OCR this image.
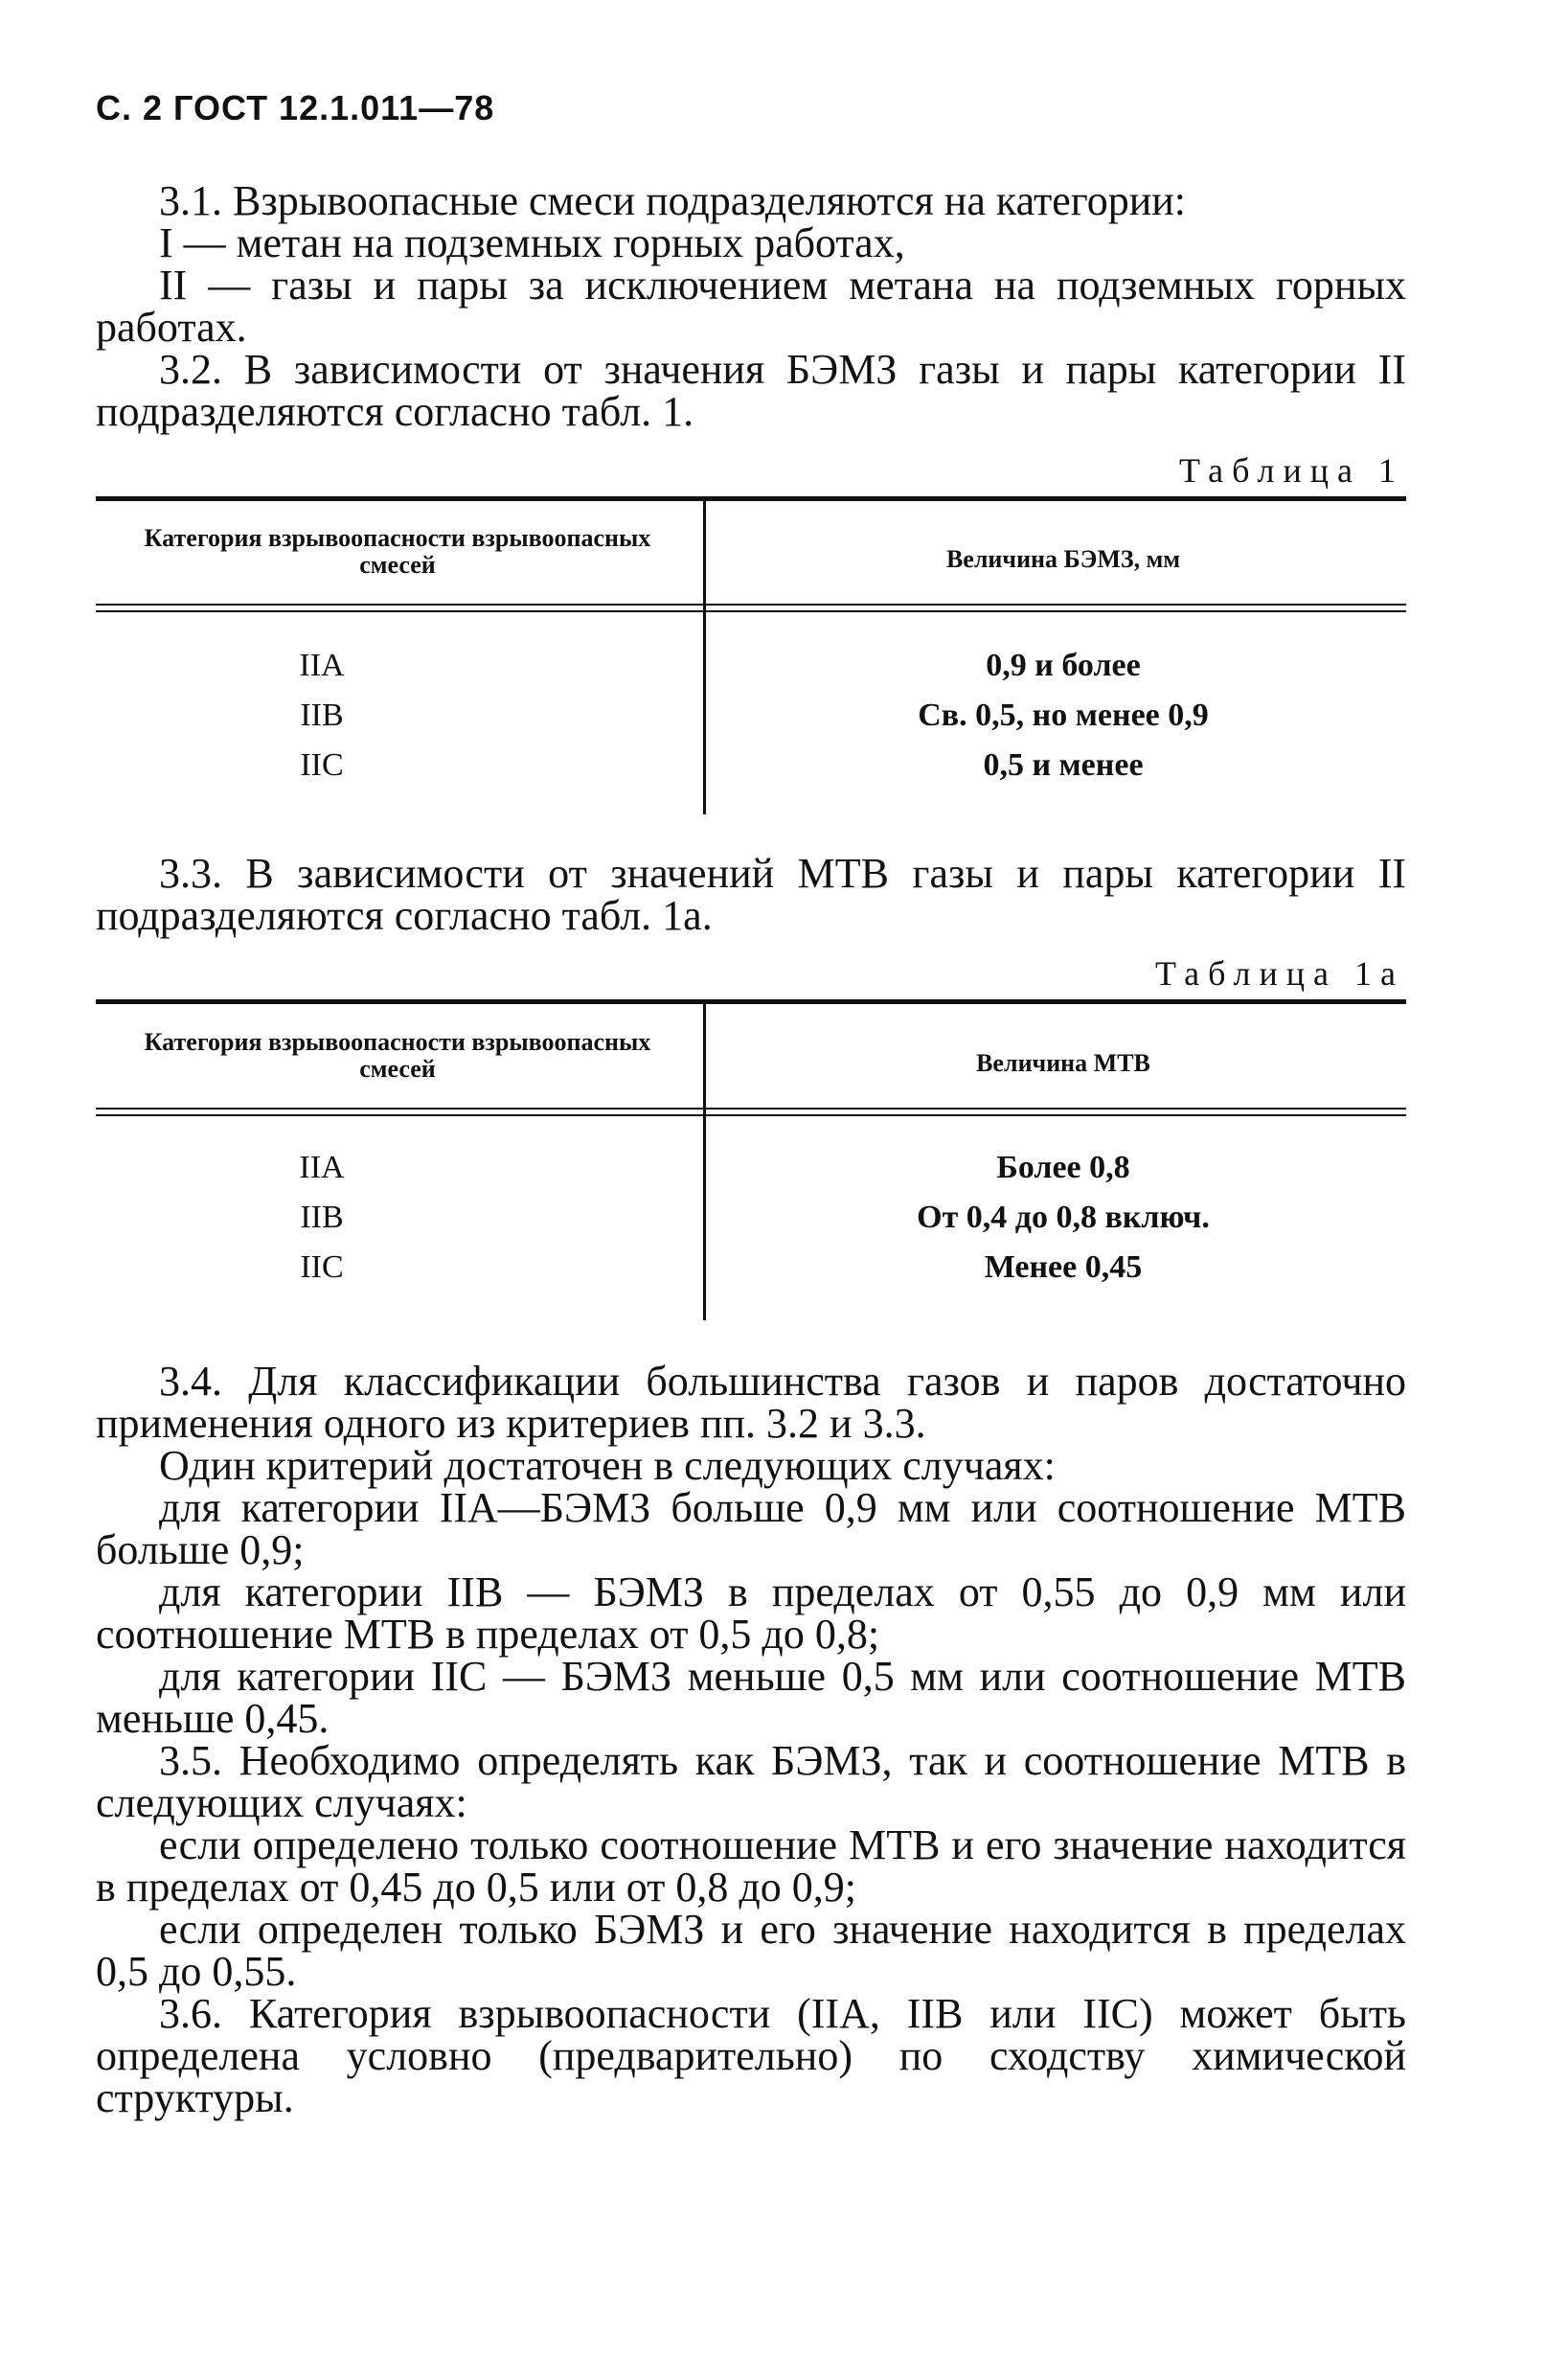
С. 2 ГОСТ 12.1.011—78

3.1. Взрывоопасные смеси подразделяются на категории:

I — метан на подземных горных работах,

II — газы и пары за исключением метана на подземных горных работах.

3.2. В зависимости от значения БЭМЗ газы и пары категории II подразделяются согласно табл. 1.

Таблица 1
Категория взрывоопасности взрывоопасных смесей	Величина БЭМЗ, мм
IIA	0,9 и более
IIB	Св. 0,5, но менее 0,9
IIC	0,5 и менее

3.3. В зависимости от значений МТВ газы и пары категории II подразделяются согласно табл. 1а.

Таблица 1а
Категория взрывоопасности взрывоопасных смесей	Величина МТВ
IIA	Более 0,8
IIB	От 0,4 до 0,8 включ.
IIC	Менее 0,45

3.4. Для классификации большинства газов и паров достаточно применения одного из критериев пп. 3.2 и 3.3.

Один критерий достаточен в следующих случаях:

для категории IIA—БЭМЗ больше 0,9 мм или соотношение МТВ больше 0,9;

для категории IIB — БЭМЗ в пределах от 0,55 до 0,9 мм или соотношение МТВ в пределах от 0,5 до 0,8;

для категории IIC — БЭМЗ меньше 0,5 мм или соотношение МТВ меньше 0,45.

3.5. Необходимо определять как БЭМЗ, так и соотношение МТВ в следующих случаях:

если определено только соотношение МТВ и его значение находится в пределах от 0,45 до 0,5 или от 0,8 до 0,9;

если определен только БЭМЗ и его значение находится в пределах 0,5 до 0,55.

3.6. Категория взрывоопасности (IIA, IIB или IIC) может быть определена условно (предварительно) по сходству химической структуры.
